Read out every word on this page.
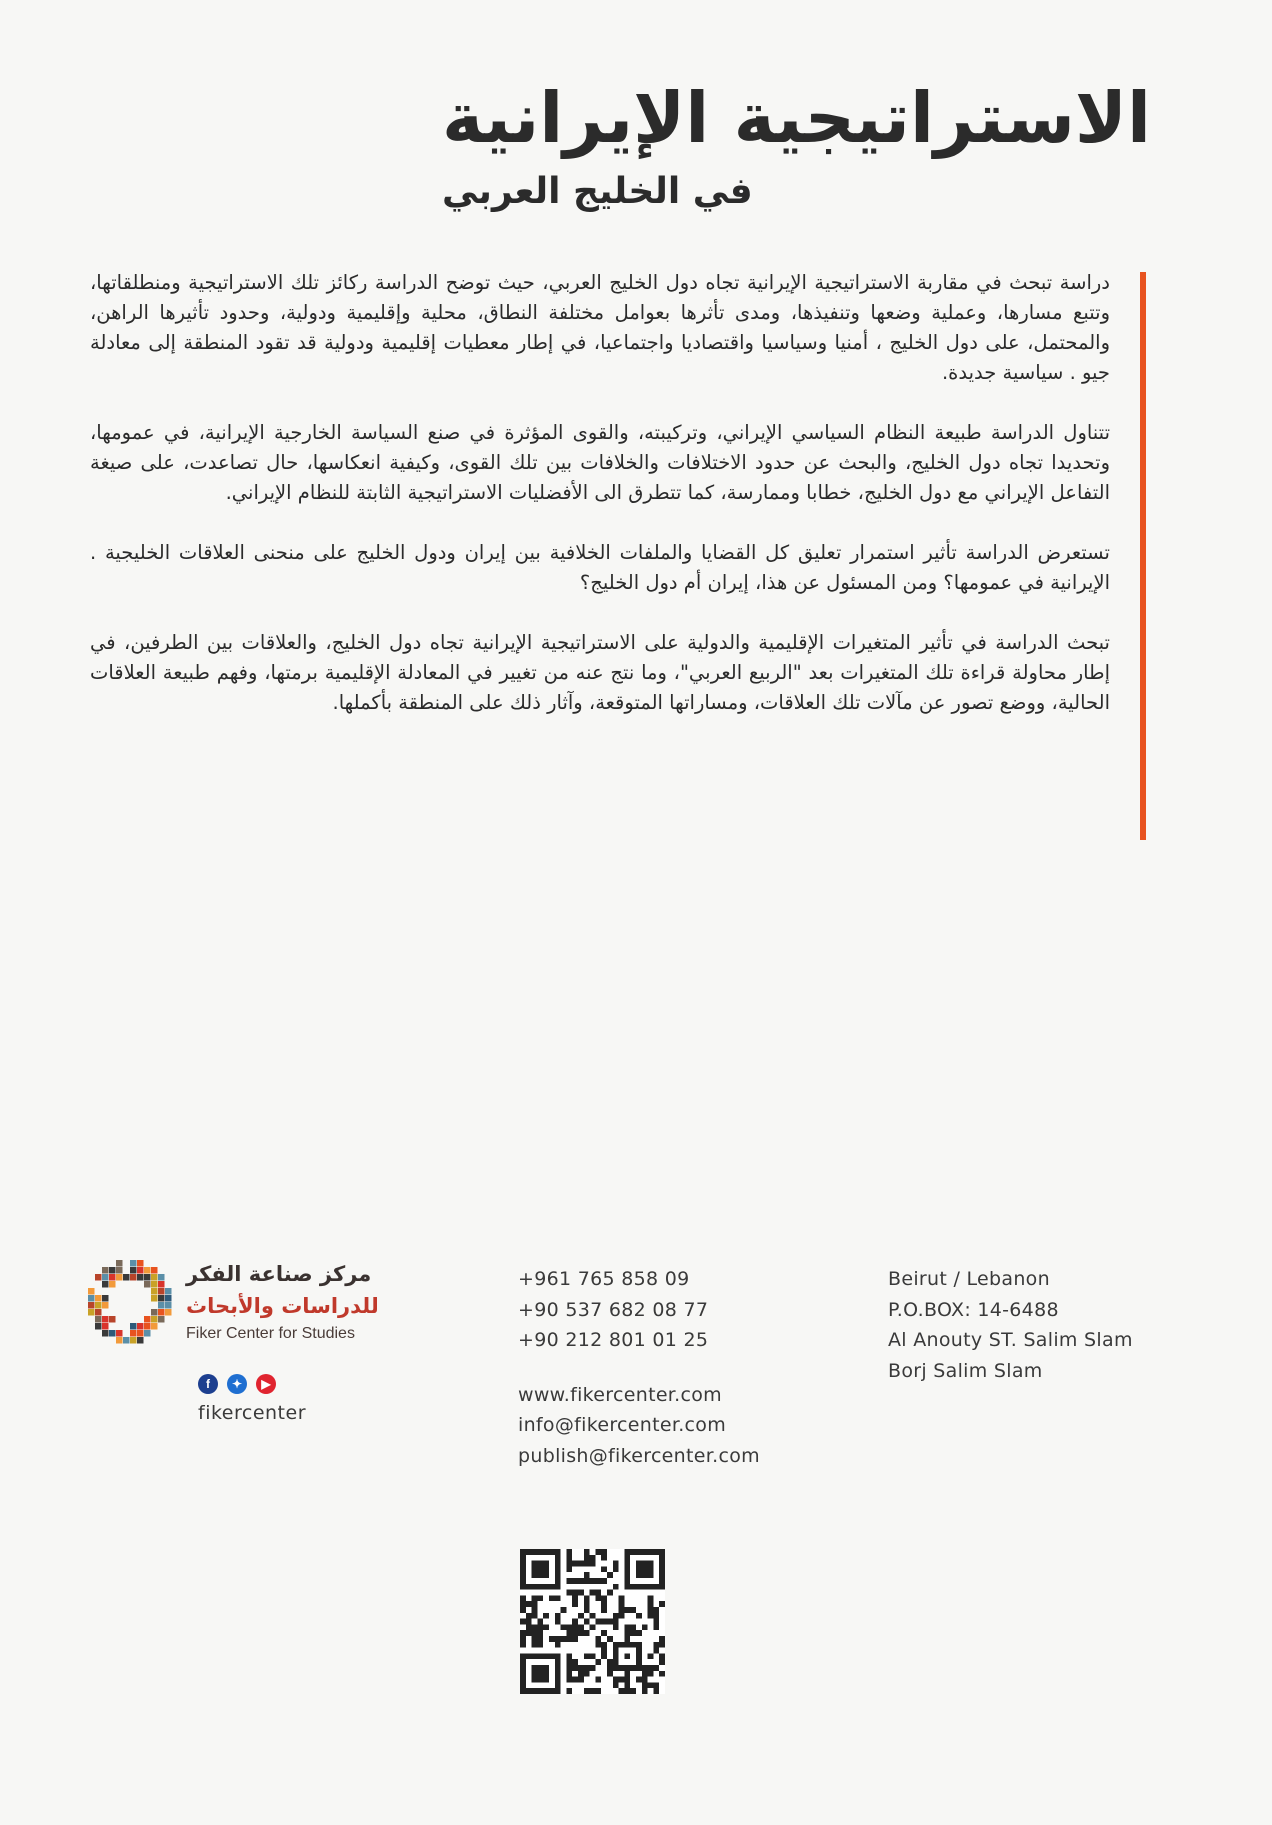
الاستراتيجية الإيرانية
في الخليج العربي

دراسة تبحث في مقاربة الاستراتيجية الإيرانية تجاه دول الخليج العربي، حيث توضح الدراسة ركائز تلك الاستراتيجية ومنطلقاتها، وتتبع مسارها، وعملية وضعها وتنفيذها، ومدى تأثرها بعوامل مختلفة النطاق، محلية وإقليمية ودولية، وحدود تأثيرها الراهن، والمحتمل، على دول الخليج ، أمنيا وسياسيا واقتصاديا واجتماعيا، في إطار معطيات إقليمية ودولية قد تقود المنطقة إلى معادلة جيو . سياسية جديدة.

تتناول الدراسة طبيعة النظام السياسي الإيراني، وتركيبته، والقوى المؤثرة في صنع السياسة الخارجية الإيرانية، في عمومها، وتحديدا تجاه دول الخليج، والبحث عن حدود الاختلافات والخلافات بين تلك القوى، وكيفية انعكاسها، حال تصاعدت، على صيغة التفاعل الإيراني مع دول الخليج، خطابا وممارسة، كما تتطرق الى الأفضليات الاستراتيجية الثابتة للنظام الإيراني.

تستعرض الدراسة تأثير استمرار تعليق كل القضايا والملفات الخلافية بين إيران ودول الخليج على منحنى العلاقات الخليجية . الإيرانية في عمومها؟ ومن المسئول عن هذا، إيران أم دول الخليج؟

تبحث الدراسة في تأثير المتغيرات الإقليمية والدولية على الاستراتيجية الإيرانية تجاه دول الخليج، والعلاقات بين الطرفين، في إطار محاولة قراءة تلك المتغيرات بعد "الربيع العربي"، وما نتج عنه من تغيير في المعادلة الإقليمية برمتها، وفهم طبيعة العلاقات الحالية، ووضع تصور عن مآلات تلك العلاقات، ومساراتها المتوقعة، وآثار ذلك على المنطقة بأكملها.

مركز صناعة الفكر
للدراسات والأبحاث
Fiker Center for Studies
f	✦	▶
fikercenter
+961 765 858 09
+90 537 682 08 77
+90 212 801 01 25
www.fikercenter.com
info@fikercenter.com
publish@fikercenter.com
Beirut / Lebanon
P.O.BOX: 14-6488
Al Anouty ST. Salim Slam
Borj Salim Slam
